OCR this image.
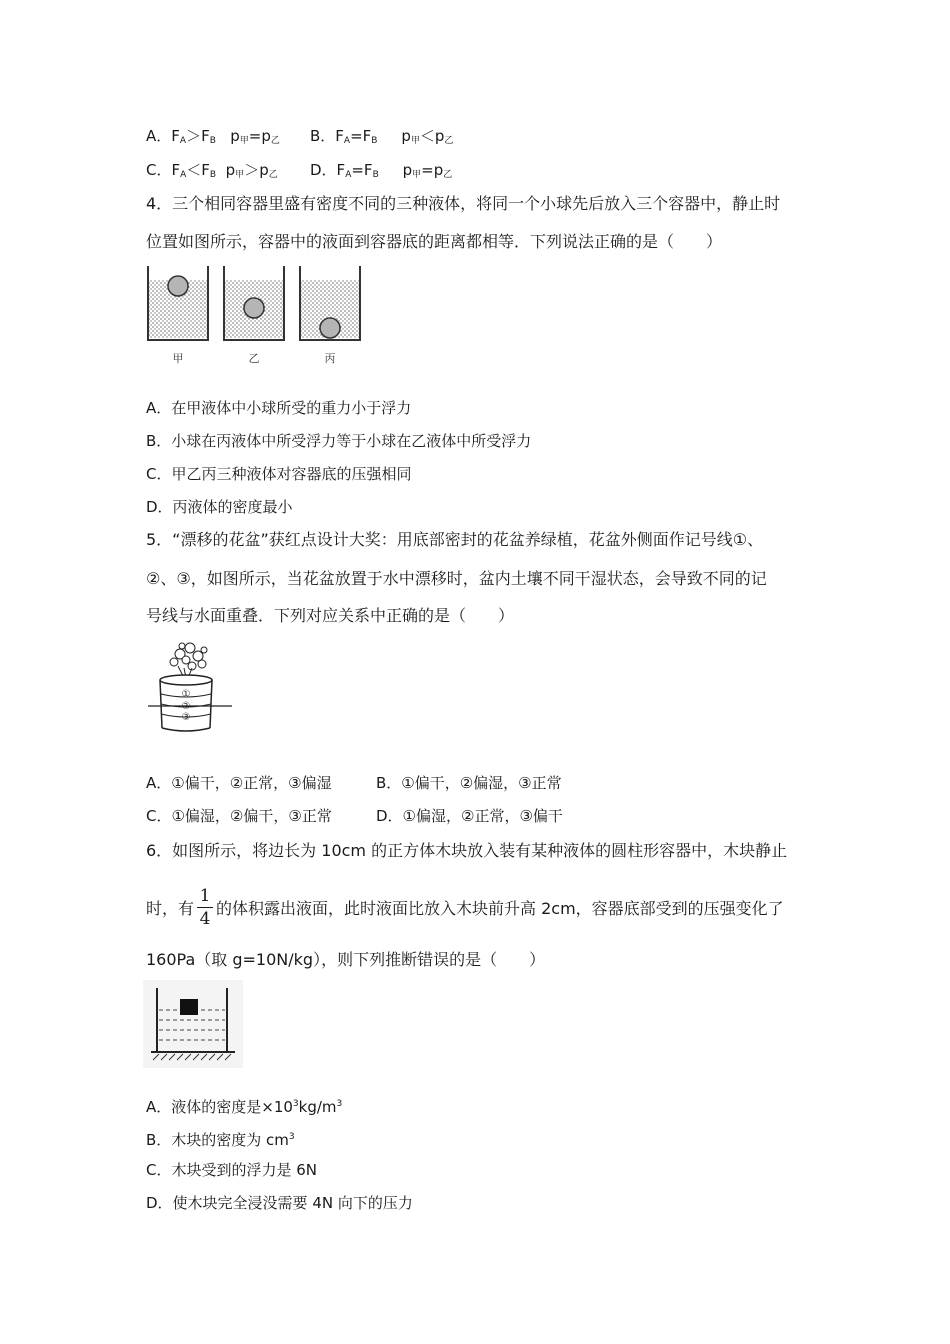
A．$F_A>F_B$ $p_甲=p_乙$ B．$F_A=F_B$ $p_甲<p_乙$
C．$F_A<F_B$ $p_甲>p_乙$ D．$F_A=F_B$ $p_甲=p_乙$
4．三个相同容器里盛有密度不同的三种液体，将同一个小球先后放入三个容器中，静止时
位置如图所示，容器中的液面到容器底的距离都相等．下列说法正确的是（　　）
甲	乙	丙
A．在甲液体中小球所受的重力小于浮力
B．小球在丙液体中所受浮力等于小球在乙液体中所受浮力
C．甲乙丙三种液体对容器底的压强相同
D．丙液体的密度最小
5．“漂移的花盆”获红点设计大奖：用底部密封的花盆养绿植，花盆外侧面作记号线①、
②、③，如图所示，当花盆放置于水中漂移时，盆内土壤不同干湿状态，会导致不同的记
号线与水面重叠．下列对应关系中正确的是（　　）
①
②
③
A．①偏干，②正常，③偏湿	B．①偏干，②偏湿，③正常
C．①偏湿，②偏干，③正常	D．①偏湿，②正常，③偏干
6．如图所示，将边长为 10cm 的正方体木块放入装有某种液体的圆柱形容器中，木块静止
时，有 $\frac{1}{4}$ 的体积露出液面，此时液面比放入木块前升高 2cm，容器底部受到的压强变化了
160Pa（取 g=10N/kg），则下列推断错误的是（　　）
A．液体的密度是$\times 10^3kg/m^3$
B．木块的密度为 $cm^3$
C．木块受到的浮力是 6N
D．使木块完全浸没需要 4N 向下的压力
